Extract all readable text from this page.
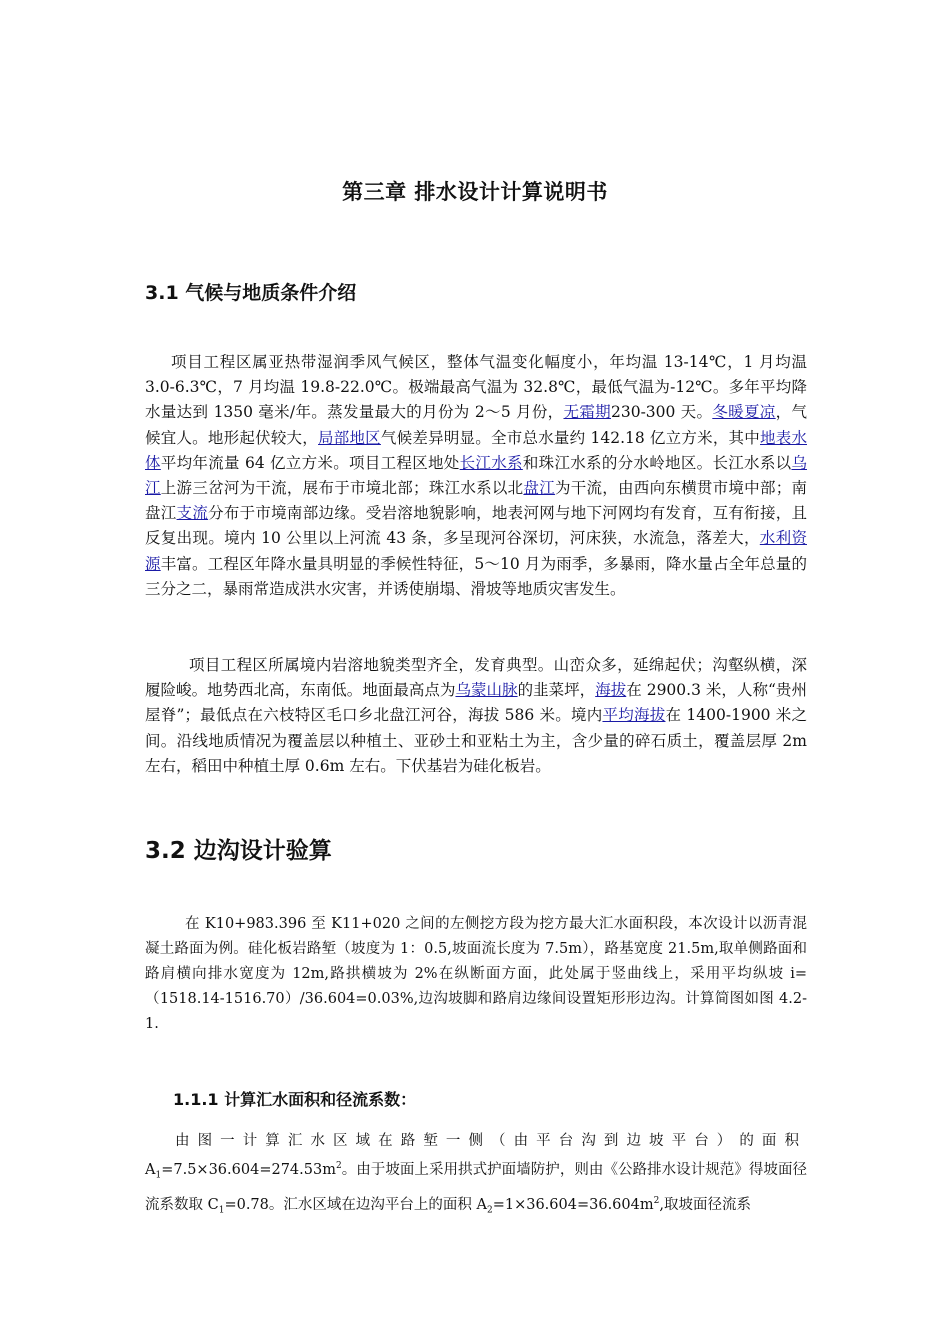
第三章 排水设计计算说明书
3.1 气候与地质条件介绍

项目工程区属亚热带湿润季风气候区，整体气温变化幅度小，年均温 13-14℃，1 月均温 3.0-6.3℃，7 月均温 19.8-22.0℃。极端最高气温为 32.8℃，最低气温为-12℃。多年平均降水量达到 1350 毫米/年。蒸发量最大的月份为 2～5 月份，无霜期230-300 天。冬暖夏凉，气候宜人。地形起伏较大，局部地区气候差异明显。全市总水量约 142.18 亿立方米，其中地表水体平均年流量 64 亿立方米。项目工程区地处长江水系和珠江水系的分水岭地区。长江水系以乌江上游三岔河为干流，展布于市境北部；珠江水系以北盘江为干流，由西向东横贯市境中部；南盘江支流分布于市境南部边缘。受岩溶地貌影响，地表河网与地下河网均有发育，互有衔接，且反复出现。境内 10 公里以上河流 43 条，多呈现河谷深切，河床狭，水流急，落差大，水利资源丰富。工程区年降水量具明显的季候性特征，5～10 月为雨季，多暴雨，降水量占全年总量的三分之二，暴雨常造成洪水灾害，并诱使崩塌、滑坡等地质灾害发生。

项目工程区所属境内岩溶地貌类型齐全，发育典型。山峦众多，延绵起伏；沟壑纵横，深履险峻。地势西北高，东南低。地面最高点为乌蒙山脉的韭菜坪，海拔在 2900.3 米，人称“贵州屋脊”；最低点在六枝特区毛口乡北盘江河谷，海拔 586 米。境内平均海拔在 1400-1900 米之间。沿线地质情况为覆盖层以种植土、亚砂土和亚粘土为主，含少量的碎石质土，覆盖层厚 2m 左右，稻田中种植土厚 0.6m 左右。下伏基岩为硅化板岩。

3.2 边沟设计验算

在 K10+983.396 至 K11+020 之间的左侧挖方段为挖方最大汇水面积段，本次设计以沥青混凝土路面为例。硅化板岩路堑（坡度为 1：0.5,坡面流长度为 7.5m），路基宽度 21.5m,取单侧路面和路肩横向排水宽度为 12m,路拱横坡为 2%在纵断面方面，此处属于竖曲线上，采用平均纵坡 i=（1518.14-1516.70）/36.604=0.03%,边沟坡脚和路肩边缘间设置矩形形边沟。计算简图如图 4.2-1.

1.1.1 计算汇水面积和径流系数：

由图一计算汇水区域在路堑一侧（由平台沟到边坡平台）的面积 $A_1=7.5\times 36.604=274.53m^2$。由于坡面上采用拱式护面墙防护，则由《公路排水设计规范》得坡面径流系数取 $C_1=0.78$。汇水区域在边沟平台上的面积 $A_2=1\times 36.604=36.604m^2$,取坡面径流系
